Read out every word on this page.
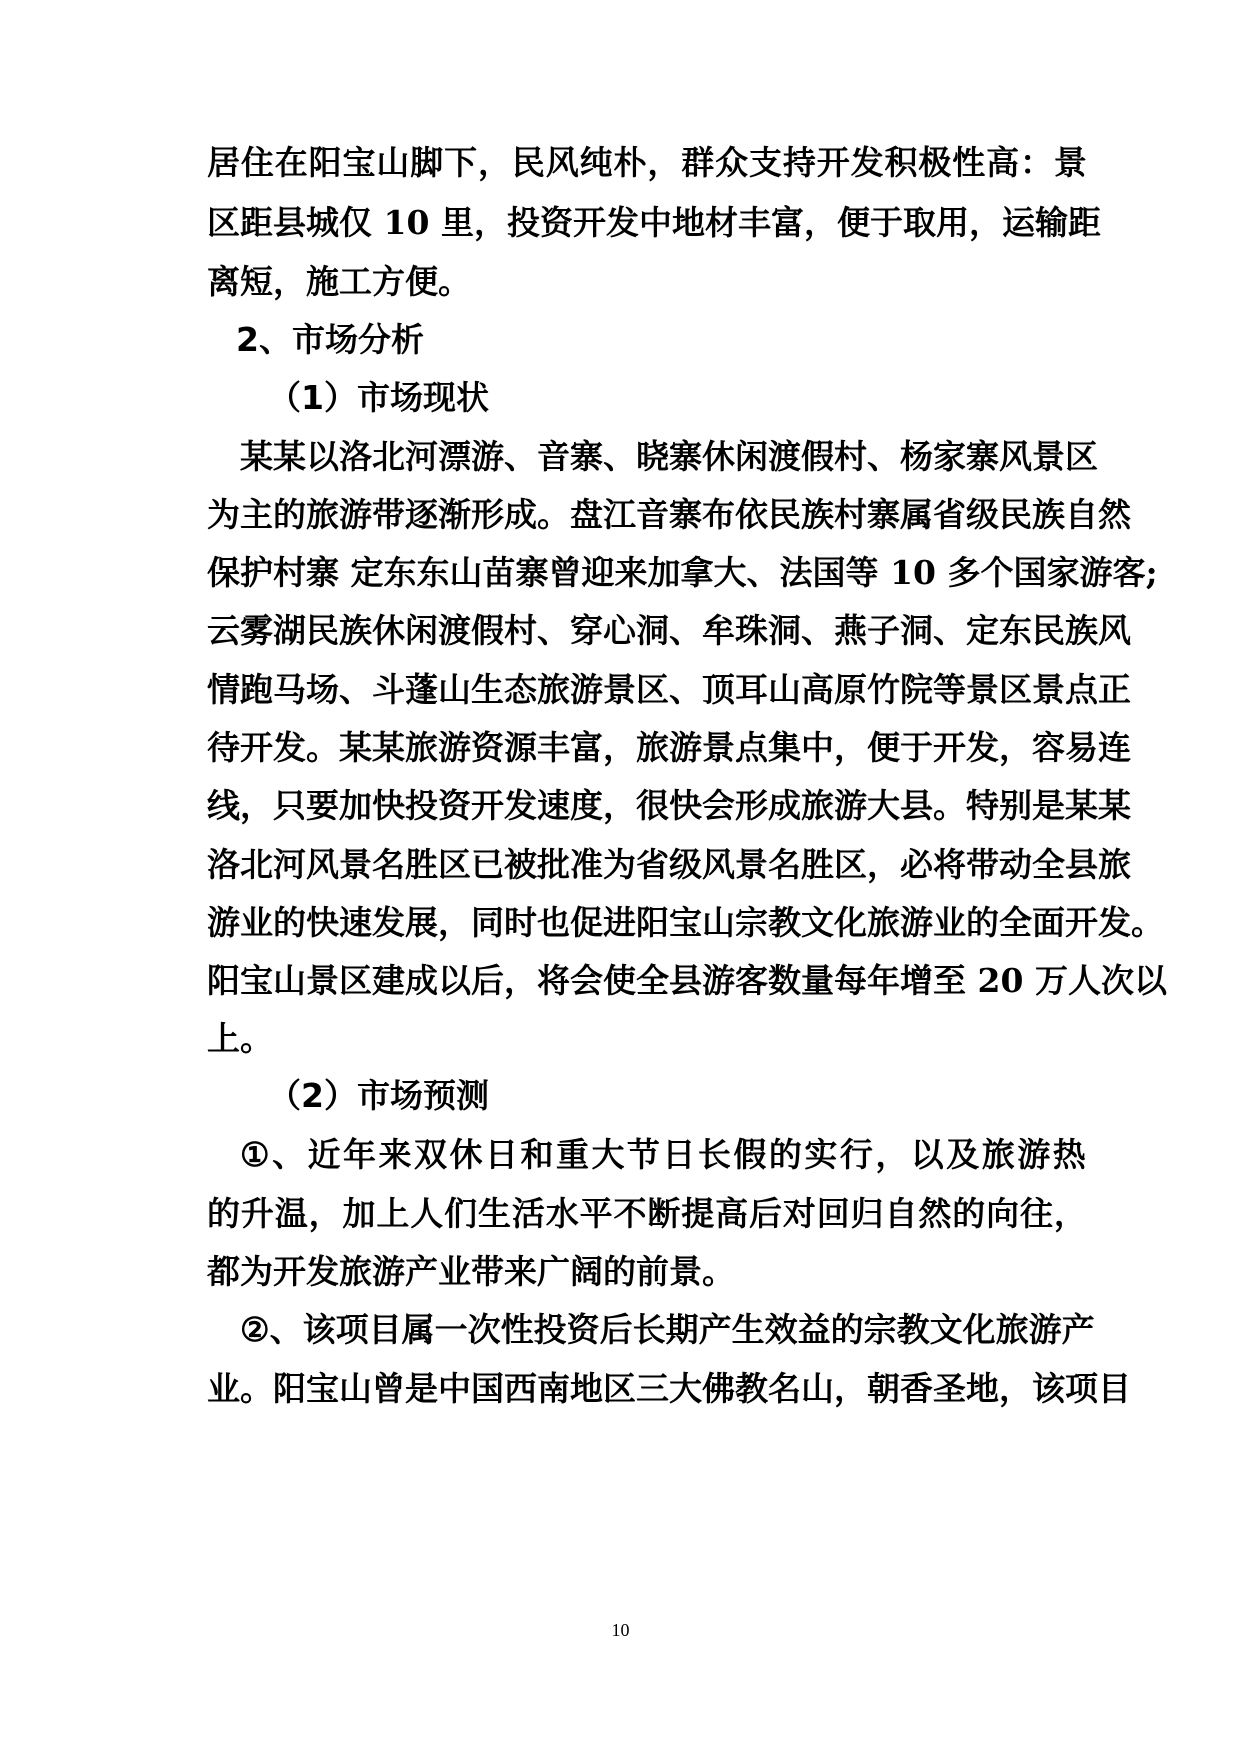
居 住 在 阳 宝 山 脚 下 ， 民 风 纯 朴 ， 群 众 支 持 开 发 积 极 性 高 ： 景
区 距 县 城 仅
1 0
里 ， 投 资 开 发 中 地 材 丰 富 ， 便 于 取 用 ， 运 输 距
离短，施工方便。
2、市场分析
（1）市场现状
某 某 以 洛 北 河 漂 游 、 音 寨 、 晓 寨 休 闲 渡 假 村 、 杨 家 寨 风 景 区
为 主 的 旅 游 带 逐 渐 形 成 。 盘 江 音 寨 布 依 民 族 村 寨 属 省 级 民 族 自 然
保 护 村 寨
定 东 东 山 苗 寨 曾 迎 来 加 拿 大 、 法 国 等
1 0
多 个 国 家 游 客 ;
云 雾 湖 民 族 休 闲 渡 假 村 、 穿 心 洞 、 牟 珠 洞 、 燕 子 洞 、 定 东 民 族 风
情 跑 马 场 、 斗 蓬 山 生 态 旅 游 景 区 、 顶 耳 山 高 原 竹 院 等 景 区 景 点 正
待 开 发 。 某 某 旅 游 资 源 丰 富 ， 旅 游 景 点 集 中 ， 便 于 开 发 ， 容 易 连
线 ， 只 要 加 快 投 资 开 发 速 度 ， 很 快 会 形 成 旅 游 大 县 。 特 别 是 某 某
洛 北 河 风 景 名 胜 区 已 被 批 准 为 省 级 风 景 名 胜 区 ， 必 将 带 动 全 县 旅
游 业 的 快 速 发 展 ， 同 时 也 促 进 阳 宝 山 宗 教 文 化 旅 游 业 的 全 面 开 发 。
阳 宝 山 景 区 建 成 以 后 ， 将 会 使 全 县 游 客 数 量 每 年 增 至
2 0
万 人 次 以
上。
（2）市场预测
① 、 近 年 来 双 休 日 和 重 大 节 日 长 假 的 实 行 ， 以 及 旅 游 热
的 升 温 ， 加 上 人 们 生 活 水 平 不 断 提 高 后 对 回 归 自 然 的 向 往 ，
都为开发旅游产业带来广阔的前景。
② 、 该 项 目 属 一 次 性 投 资 后 长 期 产 生 效 益 的 宗 教 文 化 旅 游 产
业 。 阳 宝 山 曾 是 中 国 西 南 地 区 三 大 佛 教 名 山 ， 朝 香 圣 地 ， 该 项 目
10
